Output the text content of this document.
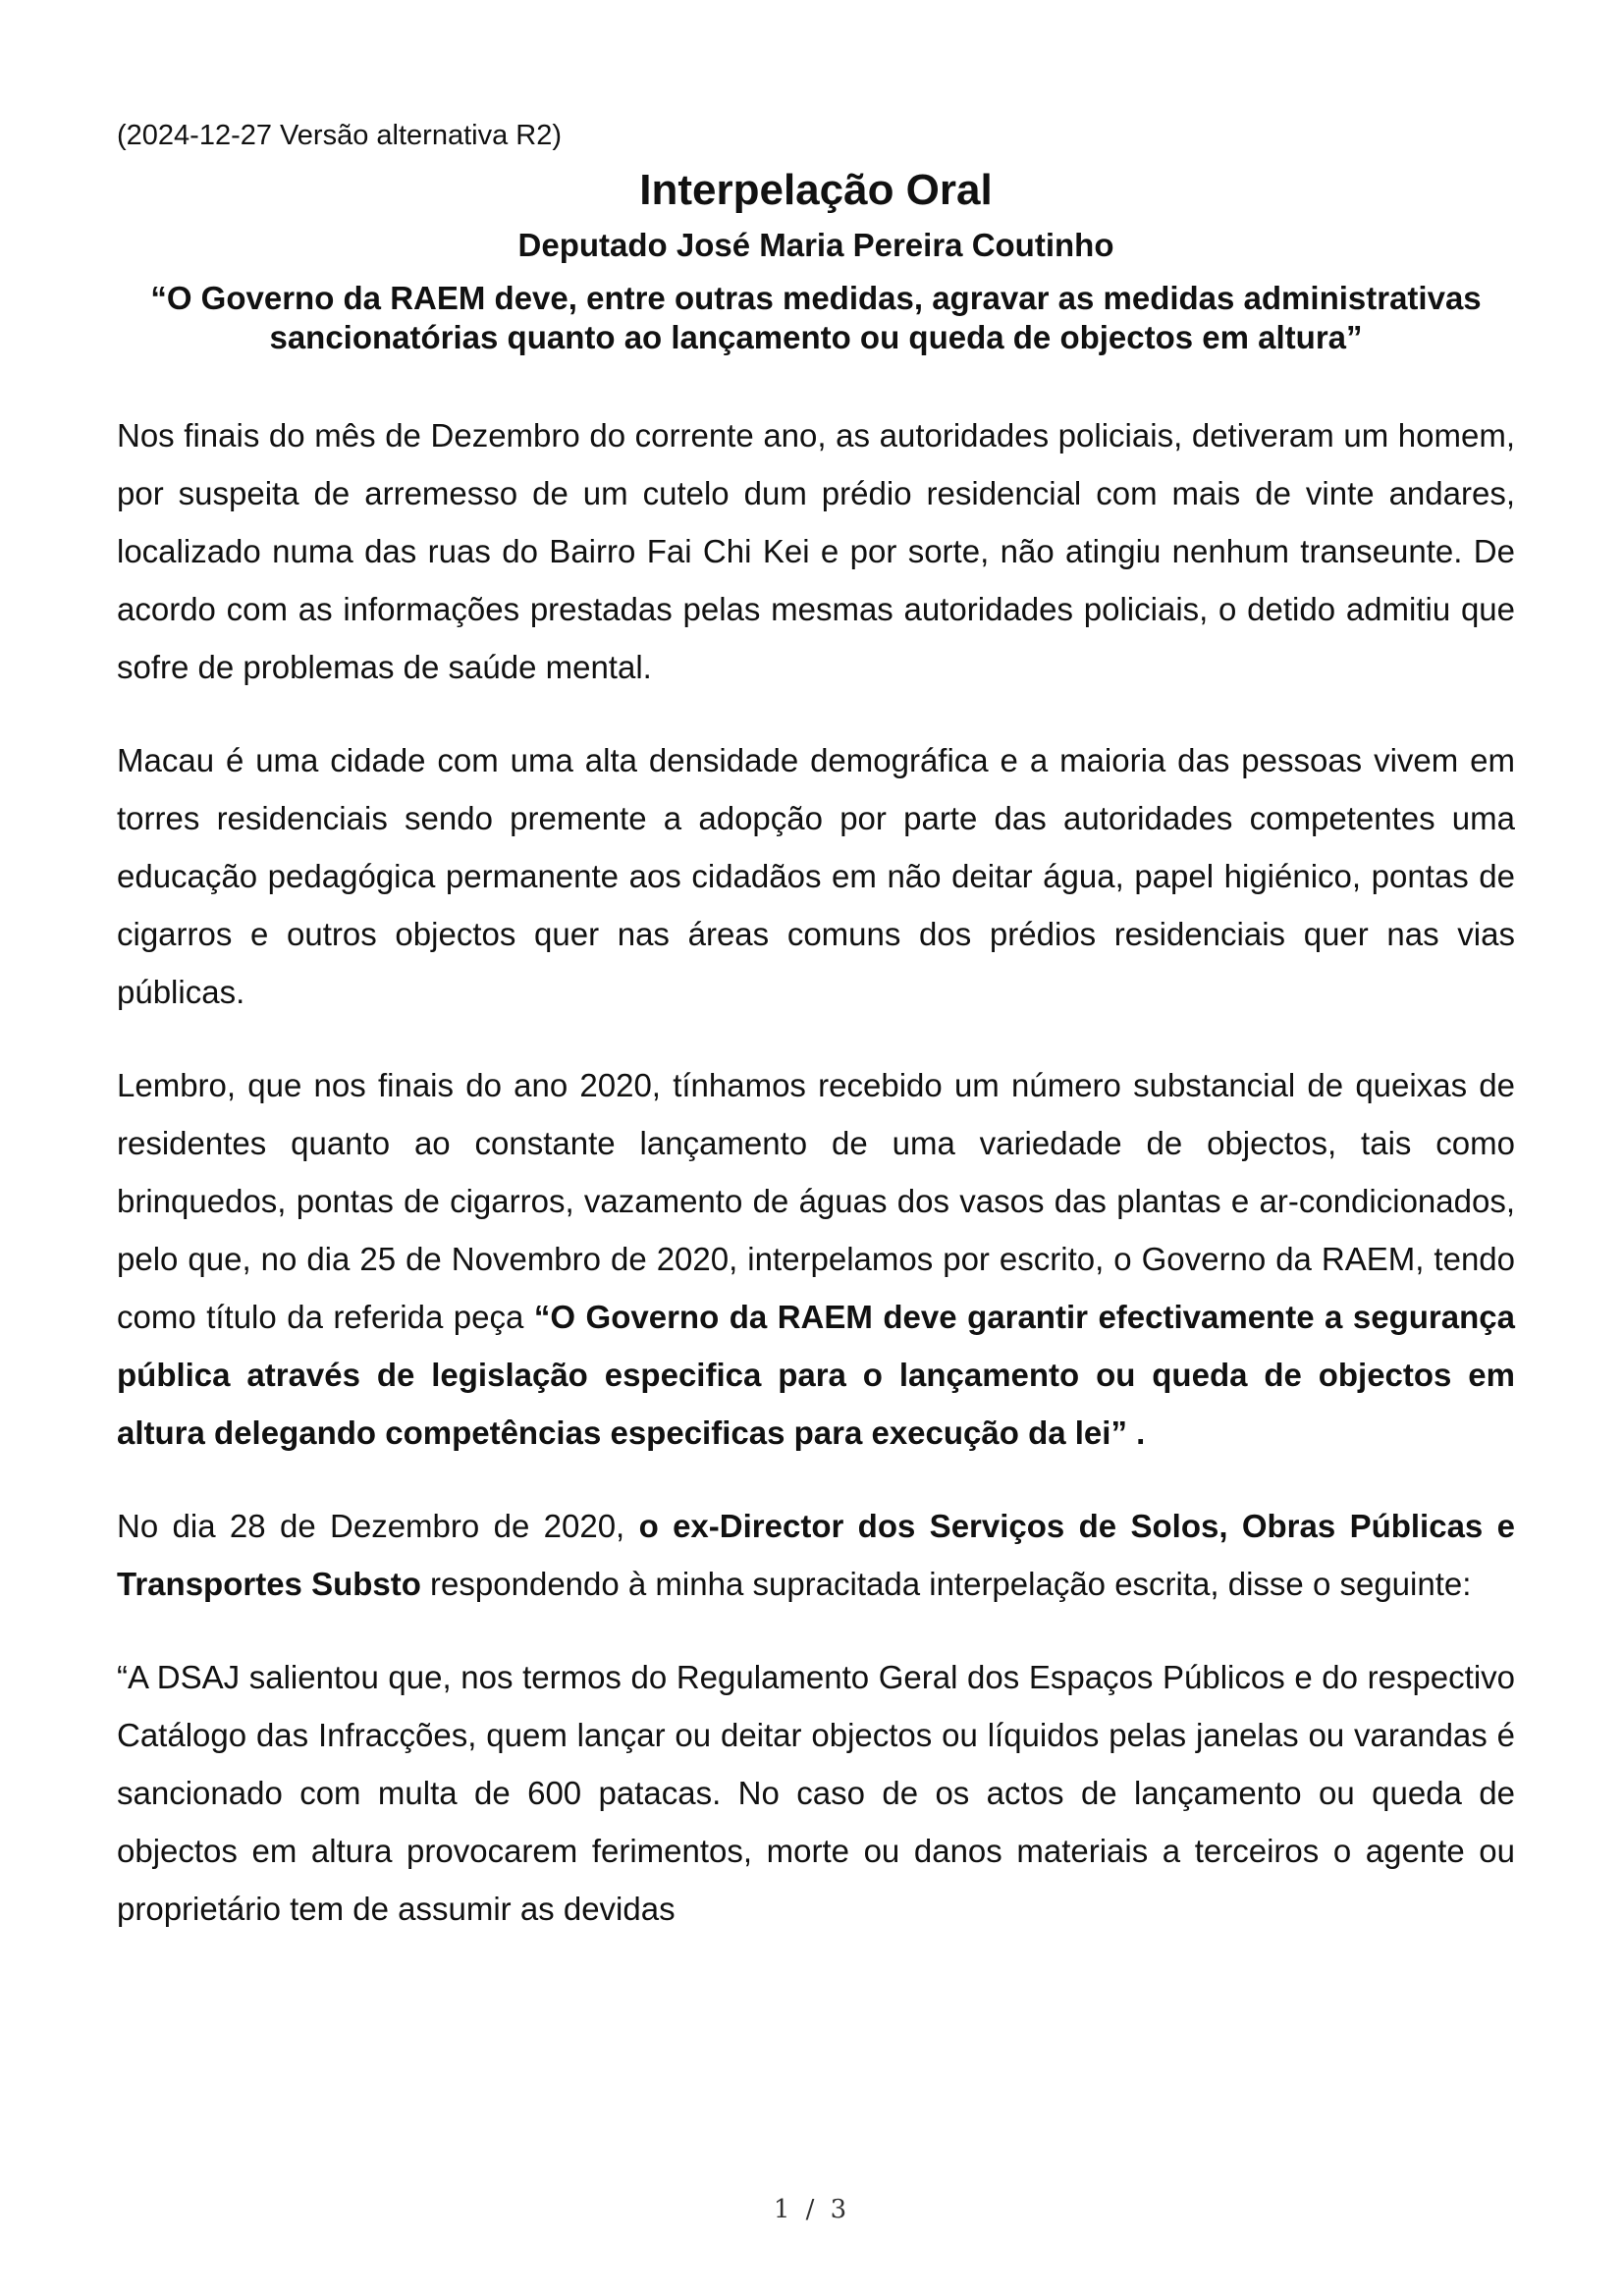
(2024-12-27 Versão alternativa R2)

Interpelação Oral
Deputado José Maria Pereira Coutinho
“O Governo da RAEM deve, entre outras medidas, agravar as medidas administrativas sancionatórias quanto ao lançamento ou queda de objectos em altura”

Nos finais do mês de Dezembro do corrente ano, as autoridades policiais, detiveram um homem, por suspeita de arremesso de um cutelo dum prédio residencial com mais de vinte andares, localizado numa das ruas do Bairro Fai Chi Kei e por sorte, não atingiu nenhum transeunte. De acordo com as informações prestadas pelas mesmas autoridades policiais, o detido admitiu que sofre de problemas de saúde mental.

Macau é uma cidade com uma alta densidade demográfica e a maioria das pessoas vivem em torres residenciais sendo premente a adopção por parte das autoridades competentes uma educação pedagógica permanente aos cidadãos em não deitar água, papel higiénico, pontas de cigarros e outros objectos quer nas áreas comuns dos prédios residenciais quer nas vias públicas.

Lembro, que nos finais do ano 2020, tínhamos recebido um número substancial de queixas de residentes quanto ao constante lançamento de uma variedade de objectos, tais como brinquedos, pontas de cigarros, vazamento de águas dos vasos das plantas e ar-condicionados, pelo que, no dia 25 de Novembro de 2020, interpelamos por escrito, o Governo da RAEM, tendo como título da referida peça “O Governo da RAEM deve garantir efectivamente a segurança pública através de legislação especifica para o lançamento ou queda de objectos em altura delegando competências especificas para execução da lei” .

No dia 28 de Dezembro de 2020, o ex-Director dos Serviços de Solos, Obras Públicas e Transportes Substo respondendo à minha supracitada interpelação escrita, disse o seguinte:

“A DSAJ salientou que, nos termos do Regulamento Geral dos Espaços Públicos e do respectivo Catálogo das Infracções, quem lançar ou deitar objectos ou líquidos pelas janelas ou varandas é sancionado com multa de 600 patacas. No caso de os actos de lançamento ou queda de objectos em altura provocarem ferimentos, morte ou danos materiais a terceiros o agente ou proprietário tem de assumir as devidas

1 / 3
